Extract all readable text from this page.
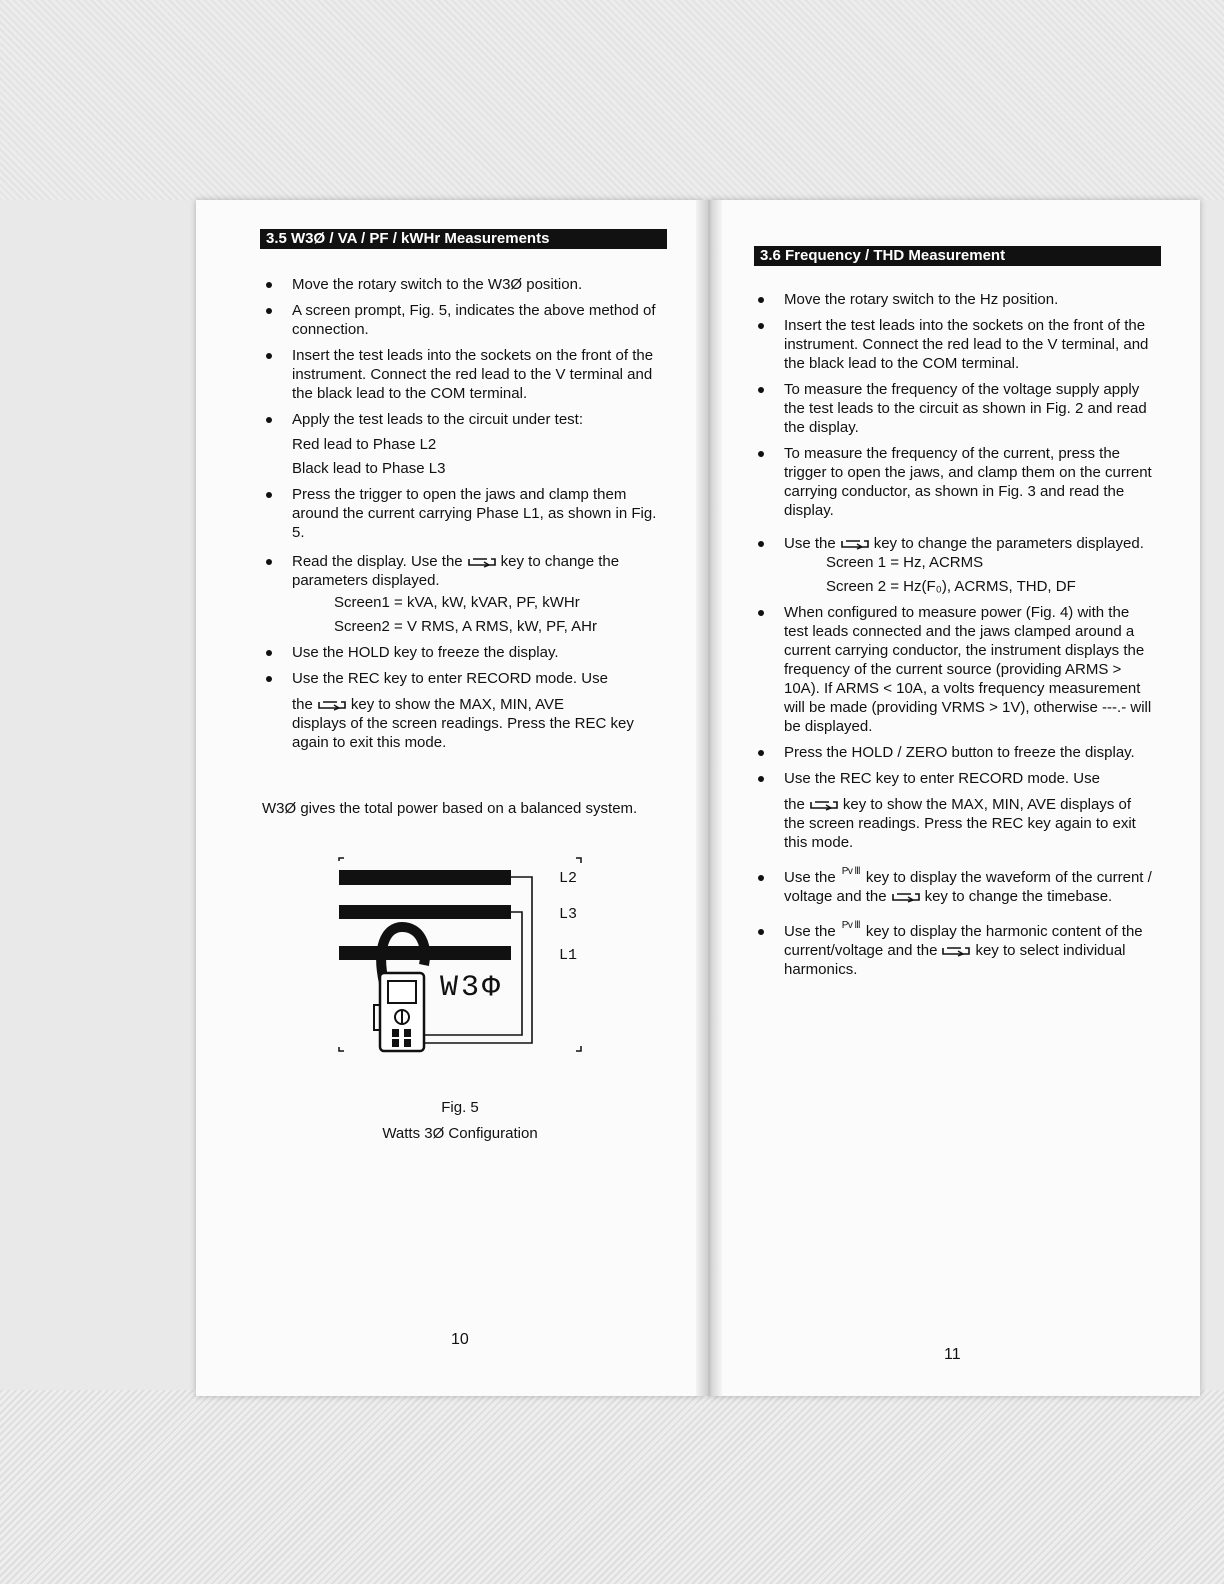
3.5 W3Ø / VA / PF / kWHr Measurements
Move the rotary switch to the W3Ø position.
A screen prompt, Fig. 5, indicates the above method of connection.
Insert the test leads into the sockets on the front of the instrument. Connect the red lead to the V terminal and the black lead to the COM terminal.
Apply the test leads to the circuit under test:
Red lead to Phase L2
Black lead to Phase L3
Press the trigger to open the jaws and clamp them around the current carrying Phase L1, as shown in Fig. 5.
Read the display. Use the	key to change the parameters displayed.
Screen1 = kVA, kW, kVAR, PF, kWHr
Screen2 = V RMS, A RMS, kW, PF, AHr
Use the HOLD key to freeze the display.
Use the REC key to enter RECORD mode. Use
the	key to show the MAX, MIN, AVE
displays of the screen readings. Press the REC key again to exit this mode.
W3Ø gives the total power based on a balanced system.
W3Φ
L2
L3
L1
Fig. 5
Watts 3Ø Configuration
10
3.6 Frequency / THD Measurement
Move the rotary switch to the Hz position.
Insert the test leads into the sockets on the front of the instrument. Connect the red lead to the V terminal, and the black lead to the COM terminal.
To measure the frequency of the voltage supply apply the test leads to the circuit as shown in Fig. 2 and read the display.
To measure the frequency of the current, press the trigger to open the jaws, and clamp them on the current carrying conductor, as shown in Fig. 3 and read the display.
Use the	key to change the parameters displayed.
Screen 1 = Hz, ACRMS
Screen 2 = Hz(F₀), ACRMS, THD, DF
When configured to measure power (Fig. 4) with the test leads connected and the jaws clamped around a current carrying conductor, the instrument displays the frequency of the current source (providing ARMS > 10A). If ARMS < 10A, a volts frequency measurement will be made (providing VRMS > 1V), otherwise ---.- will be displayed.
Press the HOLD / ZERO button to freeze the display.
Use the REC key to enter RECORD mode. Use
the	key to show the MAX, MIN, AVE displays of the screen readings. Press the REC key again to exit this mode.
Use the Pv lll key to display the waveform of the current / voltage and the	key to change the timebase.
Use the Pv lll key to display the harmonic content of the current/voltage and the	key to select individual harmonics.
11
